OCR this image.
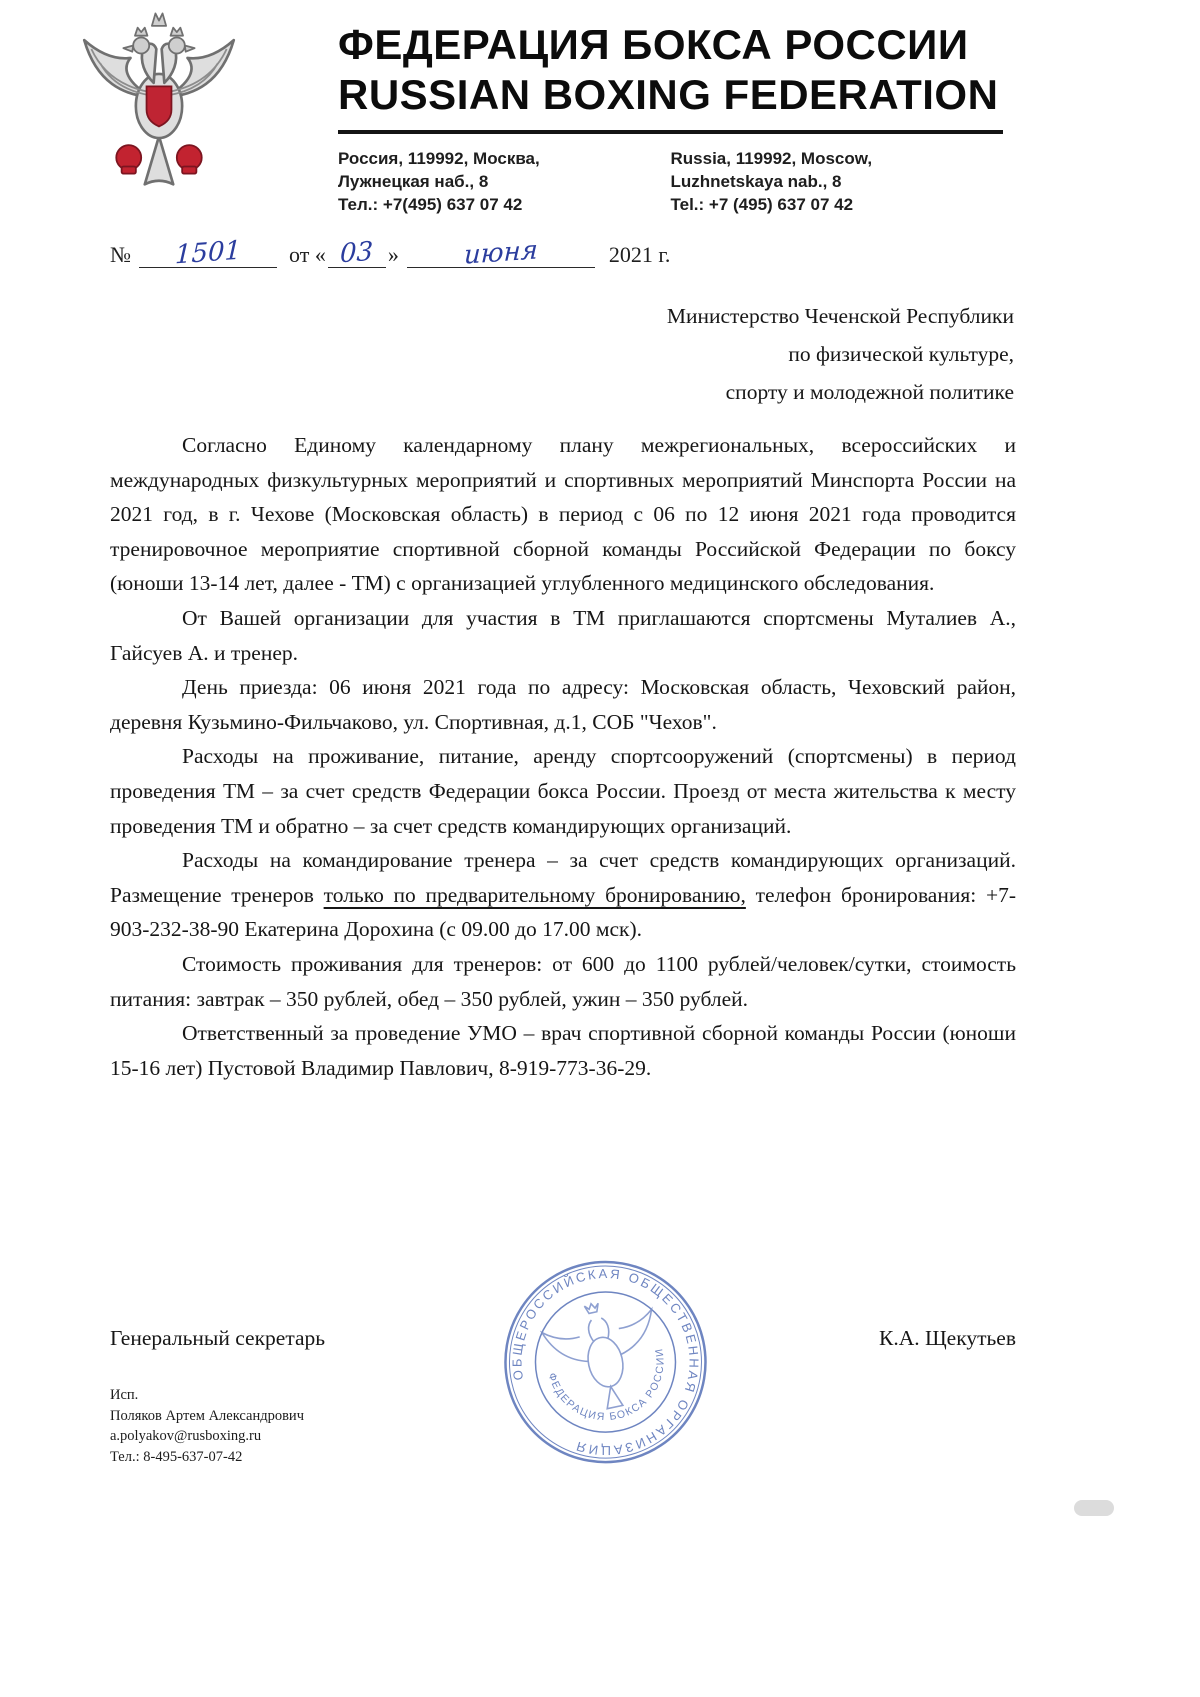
ФЕДЕРАЦИЯ БОКСА РОССИИ
RUSSIAN BOXING FEDERATION
Россия, 119992, Москва,
Лужнецкая наб., 8
Тел.: +7(495) 637 07 42
Russia, 119992, Moscow,
Luzhnetskaya nab., 8
Tel.: +7 (495) 637 07 42
№ 1501 от « 03 » июня	2021 г.
Министерство Чеченской Республики
по физической культуре,
спорту и молодежной политике

Согласно Единому календарному плану межрегиональных, всероссийских и международных физкультурных мероприятий и спортивных мероприятий Минспорта России на 2021 год, в г. Чехове (Московская область) в период с 06 по 12 июня 2021 года проводится тренировочное мероприятие спортивной сборной команды Российской Федерации по боксу (юноши 13-14 лет, далее - ТМ) с организацией углубленного медицинского обследования.

От Вашей организации для участия в ТМ приглашаются спортсмены Муталиев А., Гайсуев А. и тренер.

День приезда: 06 июня 2021 года по адресу: Московская область, Чеховский район, деревня Кузьмино-Фильчаково, ул. Спортивная, д.1, СОБ "Чехов".

Расходы на проживание, питание, аренду спортсооружений (спортсмены) в период проведения ТМ – за счет средств Федерации бокса России. Проезд от места жительства к месту проведения ТМ и обратно – за счет средств командирующих организаций.

Расходы на командирование тренера – за счет средств командирующих организаций. Размещение тренеров только по предварительному бронированию, телефон бронирования: +7-903-232-38-90 Екатерина Дорохина (с 09.00 до 17.00 мск).

Стоимость проживания для тренеров: от 600 до 1100 рублей/человек/сутки, стоимость питания: завтрак – 350 рублей, обед – 350 рублей, ужин – 350 рублей.

Ответственный за проведение УМО – врач спортивной сборной команды России (юноши 15-16 лет) Пустовой Владимир Павлович, 8-919-773-36-29.

ОБЩЕРОССИЙСКАЯ ОБЩЕСТВЕННАЯ ОРГАНИЗАЦИЯ
ФЕДЕРАЦИЯ БОКСА РОССИИ
Генеральный секретарь	К.А. Щекутьев
Исп.
Поляков Артем Александрович
a.polyakov@rusboxing.ru
Тел.: 8-495-637-07-42
